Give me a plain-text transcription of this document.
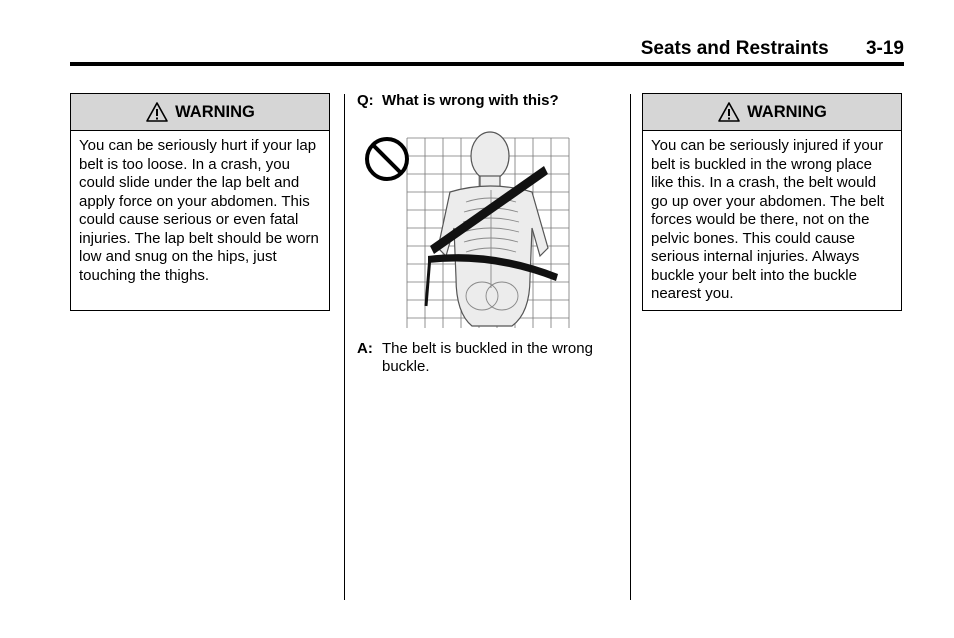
Seats and Restraints 3-19
WARNING
You can be seriously hurt if your lap belt is too loose. In a crash, you could slide under the lap belt and apply force on your abdomen. This could cause serious or even fatal injuries. The lap belt should be worn low and snug on the hips, just touching the thighs.
Q: What is wrong with this?
A: The belt is buckled in the wrong buckle.
WARNING
You can be seriously injured if your belt is buckled in the wrong place like this. In a crash, the belt would go up over your abdomen. The belt forces would be there, not on the pelvic bones. This could cause serious internal injuries. Always buckle your belt into the buckle nearest you.
